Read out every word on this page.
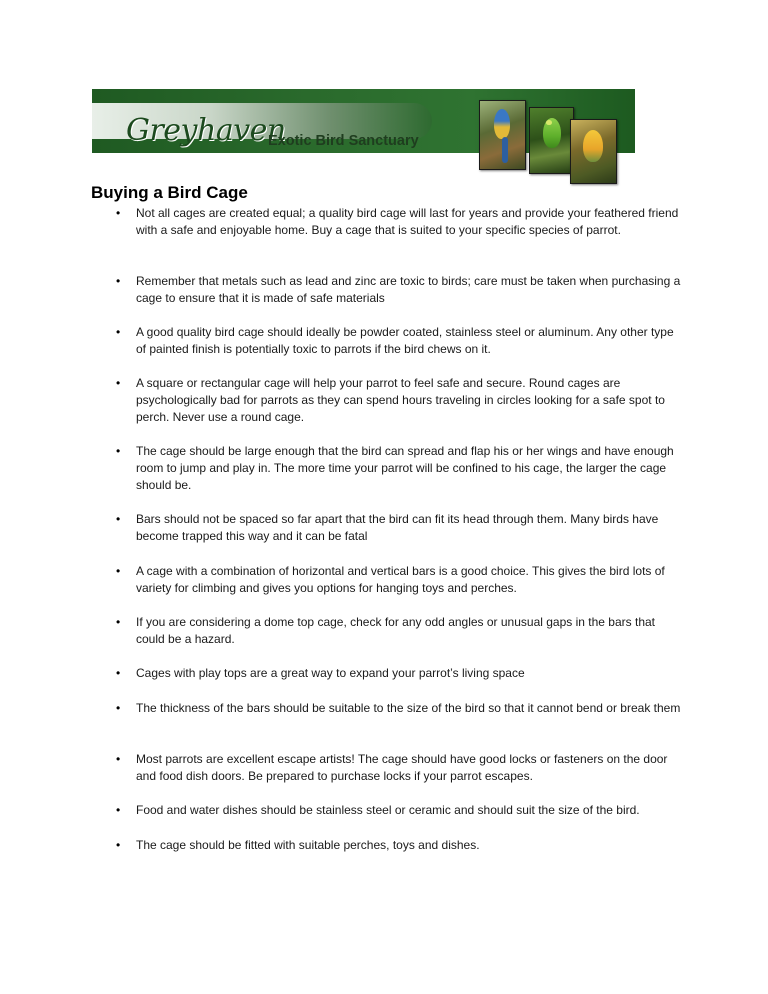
Greyhaven
Exotic Bird Sanctuary
Buying a Bird Cage
• Not all cages are created equal; a quality bird cage will last for years and provide your feathered friend with a safe and enjoyable home. Buy a cage that is suited to your specific species of parrot.
• Remember that metals such as lead and zinc are toxic to birds; care must be taken when purchasing a cage to ensure that it is made of safe materials
• A good quality bird cage should ideally be powder coated, stainless steel or aluminum. Any other type of painted finish is potentially toxic to parrots if the bird chews on it.
• A square or rectangular cage will help your parrot to feel safe and secure. Round cages are psychologically bad for parrots as they can spend hours traveling in circles looking for a safe spot to perch. Never use a round cage.
• The cage should be large enough that the bird can spread and flap his or her wings and have enough room to jump and play in. The more time your parrot will be confined to his cage, the larger the cage should be.
• Bars should not be spaced so far apart that the bird can fit its head through them. Many birds have become trapped this way and it can be fatal
• A cage with a combination of horizontal and vertical bars is a good choice. This gives the bird lots of variety for climbing and gives you options for hanging toys and perches.
• If you are considering a dome top cage, check for any odd angles or unusual gaps in the bars that could be a hazard.
• Cages with play tops are a great way to expand your parrot’s living space
• The thickness of the bars should be suitable to the size of the bird so that it cannot bend or break them
• Most parrots are excellent escape artists! The cage should have good locks or fasteners on the door and food dish doors. Be prepared to purchase locks if your parrot escapes.
• Food and water dishes should be stainless steel or ceramic and should suit the size of the bird.
• The cage should be fitted with suitable perches, toys and dishes.
